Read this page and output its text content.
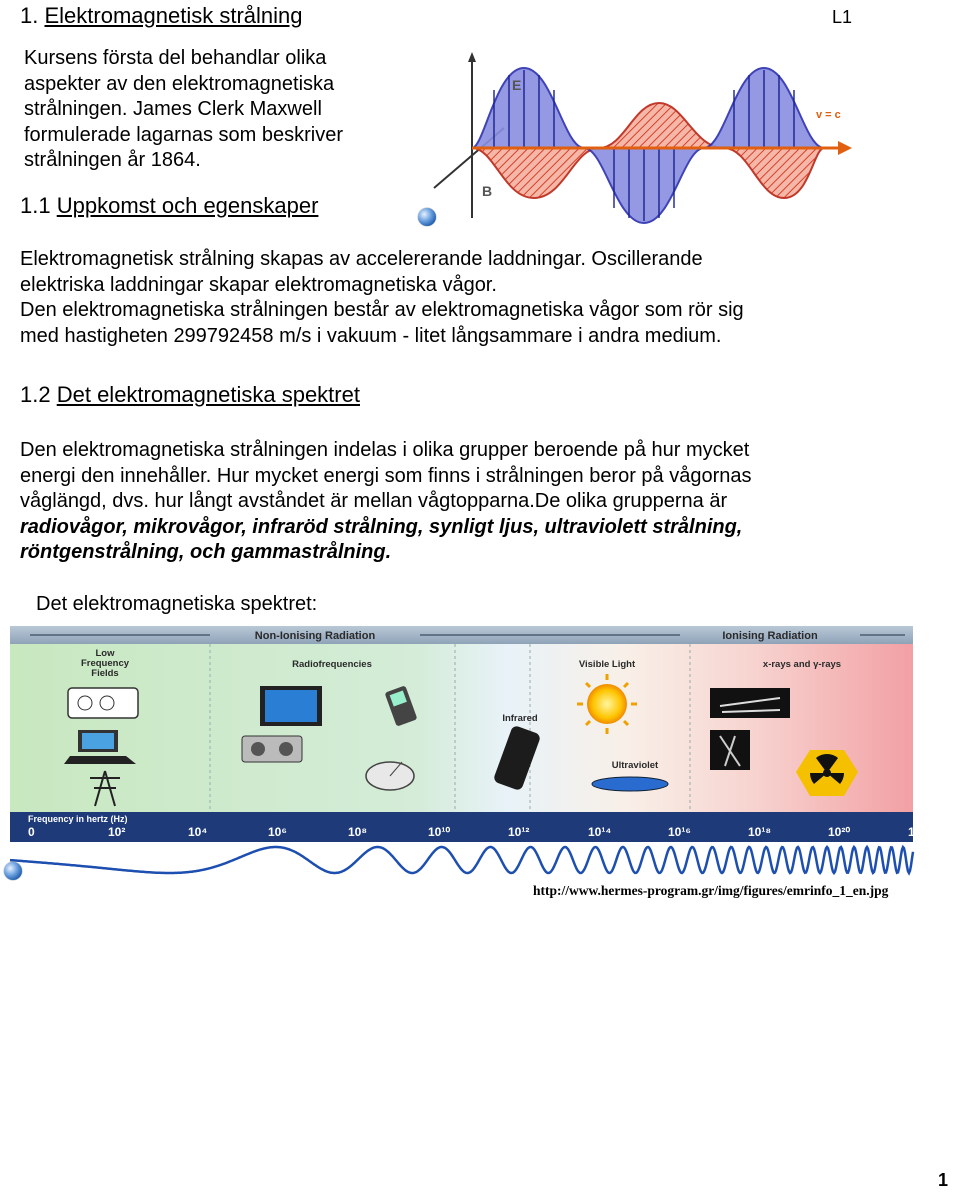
1. Elektromagnetisk strålning	L1
Kursens första del behandlar olika
aspekter av den elektromagnetiska
strålningen. James Clerk Maxwell
formulerade lagarnas som beskriver
strålningen år 1864.
E
B
v = c
1.1 Uppkomst och egenskaper
Elektromagnetisk strålning skapas av accelererande laddningar. Oscillerande
elektriska laddningar skapar elektromagnetiska vågor.
Den elektromagnetiska strålningen består av elektromagnetiska vågor som rör sig
med hastigheten 299792458 m/s i vakuum - litet långsammare i andra medium.
1.2 Det elektromagnetiska spektret
Den elektromagnetiska strålningen indelas i olika grupper beroende på hur mycket
energi den innehåller. Hur mycket energi som finns i strålningen beror på vågornas
våglängd, dvs. hur långt avståndet är mellan vågtopparna.De olika grupperna är
radiovågor, mikrovågor, infraröd strålning, synligt ljus, ultraviolett strålning,
röntgenstrålning, och gammastrålning.
Det elektromagnetiska spektret:
Non-Ionising Radiation	Ionising Radiation
Low
Frequency
Fields
Radiofrequencies
Infrared
Visible Light
Ultraviolet
x-rays and γ-rays
Frequency in hertz (Hz)
0	10²	10⁴	10⁶	10⁸	10¹⁰	10¹²	10¹⁴	10¹⁶	10¹⁸	10²⁰	10²²
http://www.hermes-program.gr/img/figures/emrinfo_1_en.jpg
1
